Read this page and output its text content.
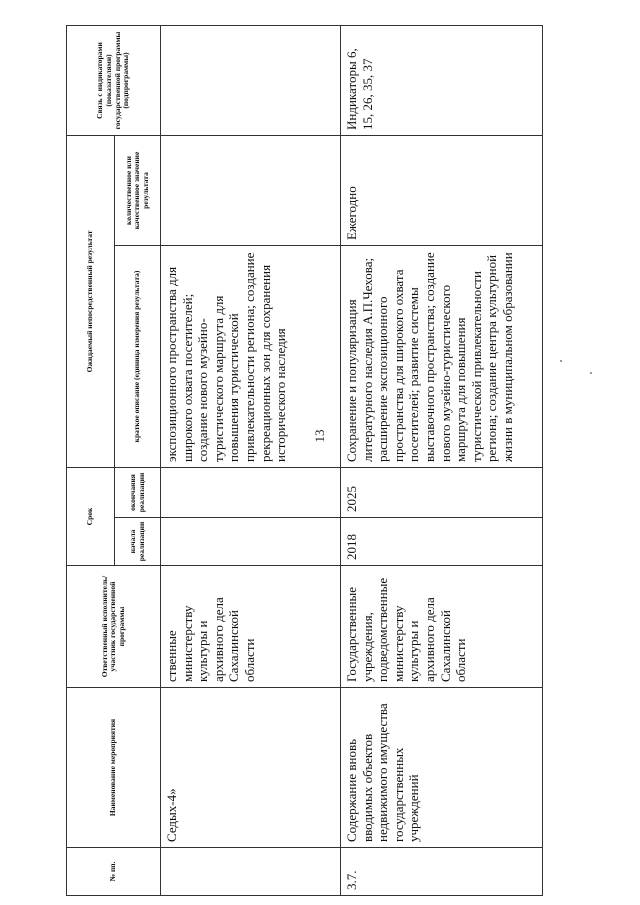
13
№ пп.	Наименование мероприятия	Ответственный исполнитель/участник государственной программы	Срок		Ожидаемый непосредственный результат		Связь с индикаторами (показателями) государственной программы (подпрограммы)
			начала реализации	окончания реализации	краткое описание (единица измерения результата)	количественное или качественное значение результата	
	Седых-4»	ственные министерству культуры и архивного дела Сахалинской области			экспозиционного пространства для широкого охвата посетителей; создание нового музейно-туристического маршрута для повышения туристической привлекательности региона; создание рекреационных зон для сохранения исторического наследия		
3.7.	Содержание вновь вводимых объектов недвижимого имущества государственных учреждений	Государственные учреждения, подведомственные министерству культуры и архивного дела Сахалинской области	2018	2025	Сохранение и популяризация литературного наследия А.П.Чехова; расширение экспозиционного пространства для широкого охвата посетителей; развитие системы выставочного пространства; создание нового музейно-туристического маршрута для повышения туристической привлекательности региона; создание центра культурной жизни в муниципальном образовании	Ежегодно	Индикаторы 6, 15, 26, 35, 37
